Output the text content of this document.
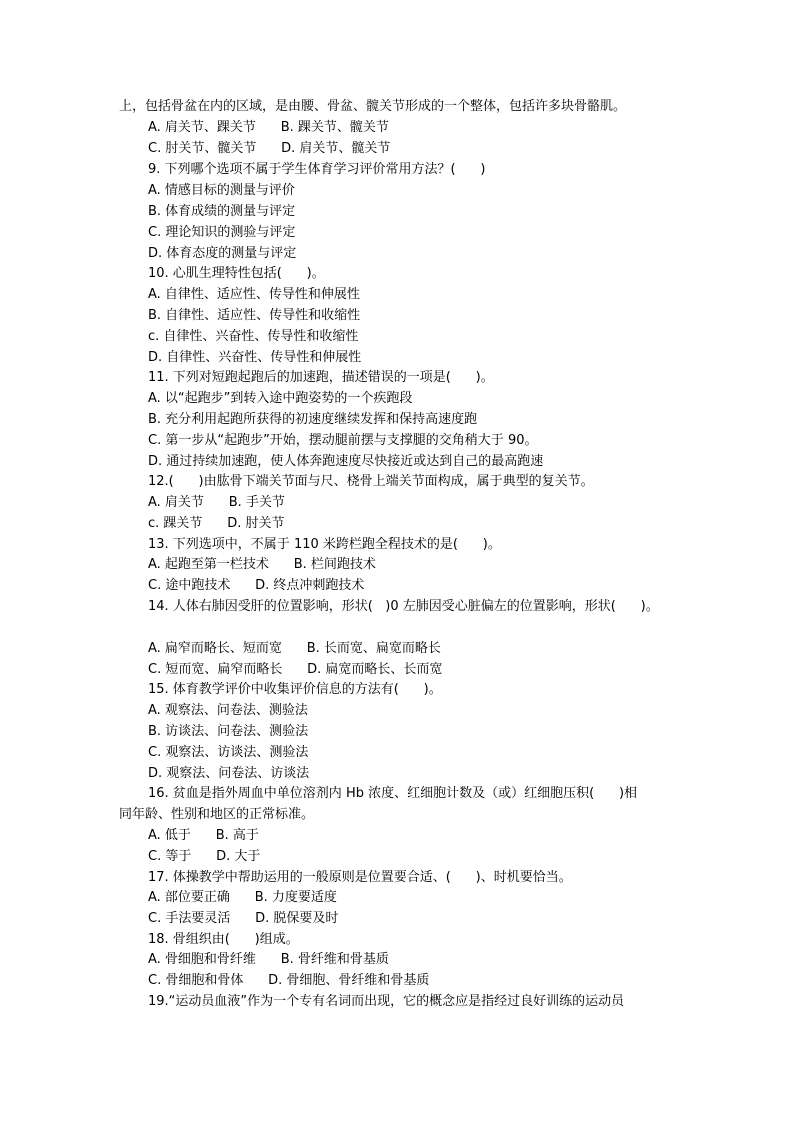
上，包括骨盆在内的区域，是由腰、骨盆、髋关节形成的一个整体，包括许多块骨骼肌。
A. 肩关节、踝关节      B. 踝关节、髋关节
C. 肘关节、髋关节      D. 肩关节、髋关节
9. 下列哪个选项不属于学生体育学习评价常用方法？(      )
A. 情感目标的测量与评价
B. 体育成绩的测量与评定
C. 理论知识的测验与评定
D. 体育态度的测量与评定
10. 心肌生理特性包括(      )。
A. 自律性、适应性、传导性和伸展性
B. 自律性、适应性、传导性和收缩性
c. 自律性、兴奋性、传导性和收缩性
D. 自律性、兴奋性、传导性和伸展性
11. 下列对短跑起跑后的加速跑，描述错误的一项是(      )。
A. 以“起跑步”到转入途中跑姿势的一个疾跑段
B. 充分利用起跑所获得的初速度继续发挥和保持高速度跑
C. 第一步从“起跑步”开始，摆动腿前摆与支撑腿的交角稍大于 90。
D. 通过持续加速跑，使人体奔跑速度尽快接近或达到自己的最高跑速
12.(      )由肱骨下端关节面与尺、桡骨上端关节面构成，属于典型的复关节。
A. 肩关节      B. 手关节
c. 踝关节      D. 肘关节
13. 下列选项中，不属于 110 米跨栏跑全程技术的是(      )。
A. 起跑至第一栏技术      B. 栏间跑技术
C. 途中跑技术      D. 终点冲刺跑技术
14. 人体右肺因受肝的位置影响，形状(   )0 左肺因受心脏偏左的位置影响，形状(      )。
A. 扁窄而略长、短而宽      B. 长而宽、扁宽而略长
C. 短而宽、扁窄而略长      D. 扁宽而略长、长而宽
15. 体育教学评价中收集评价信息的方法有(      )。
A. 观察法、问卷法、测验法
B. 访谈法、问卷法、测验法
C. 观察法、访谈法、测验法
D. 观察法、问卷法、访谈法
16. 贫血是指外周血中单位溶剂内 Hb 浓度、红细胞计数及（或）红细胞压积(      )相
同年龄、性别和地区的正常标准。
A. 低于      B. 高于
C. 等于      D. 大于
17. 体操教学中帮助运用的一般原则是位置要合适、(      )、时机要恰当。
A. 部位要正确      B. 力度要适度
C. 手法要灵活      D. 脱保要及时
18. 骨组织由(      )组成。
A. 骨细胞和骨纤维      B. 骨纤维和骨基质
C. 骨细胞和骨体      D. 骨细胞、骨纤维和骨基质
19.“运动员血液”作为一个专有名词而出现，它的概念应是指经过良好训练的运动员
